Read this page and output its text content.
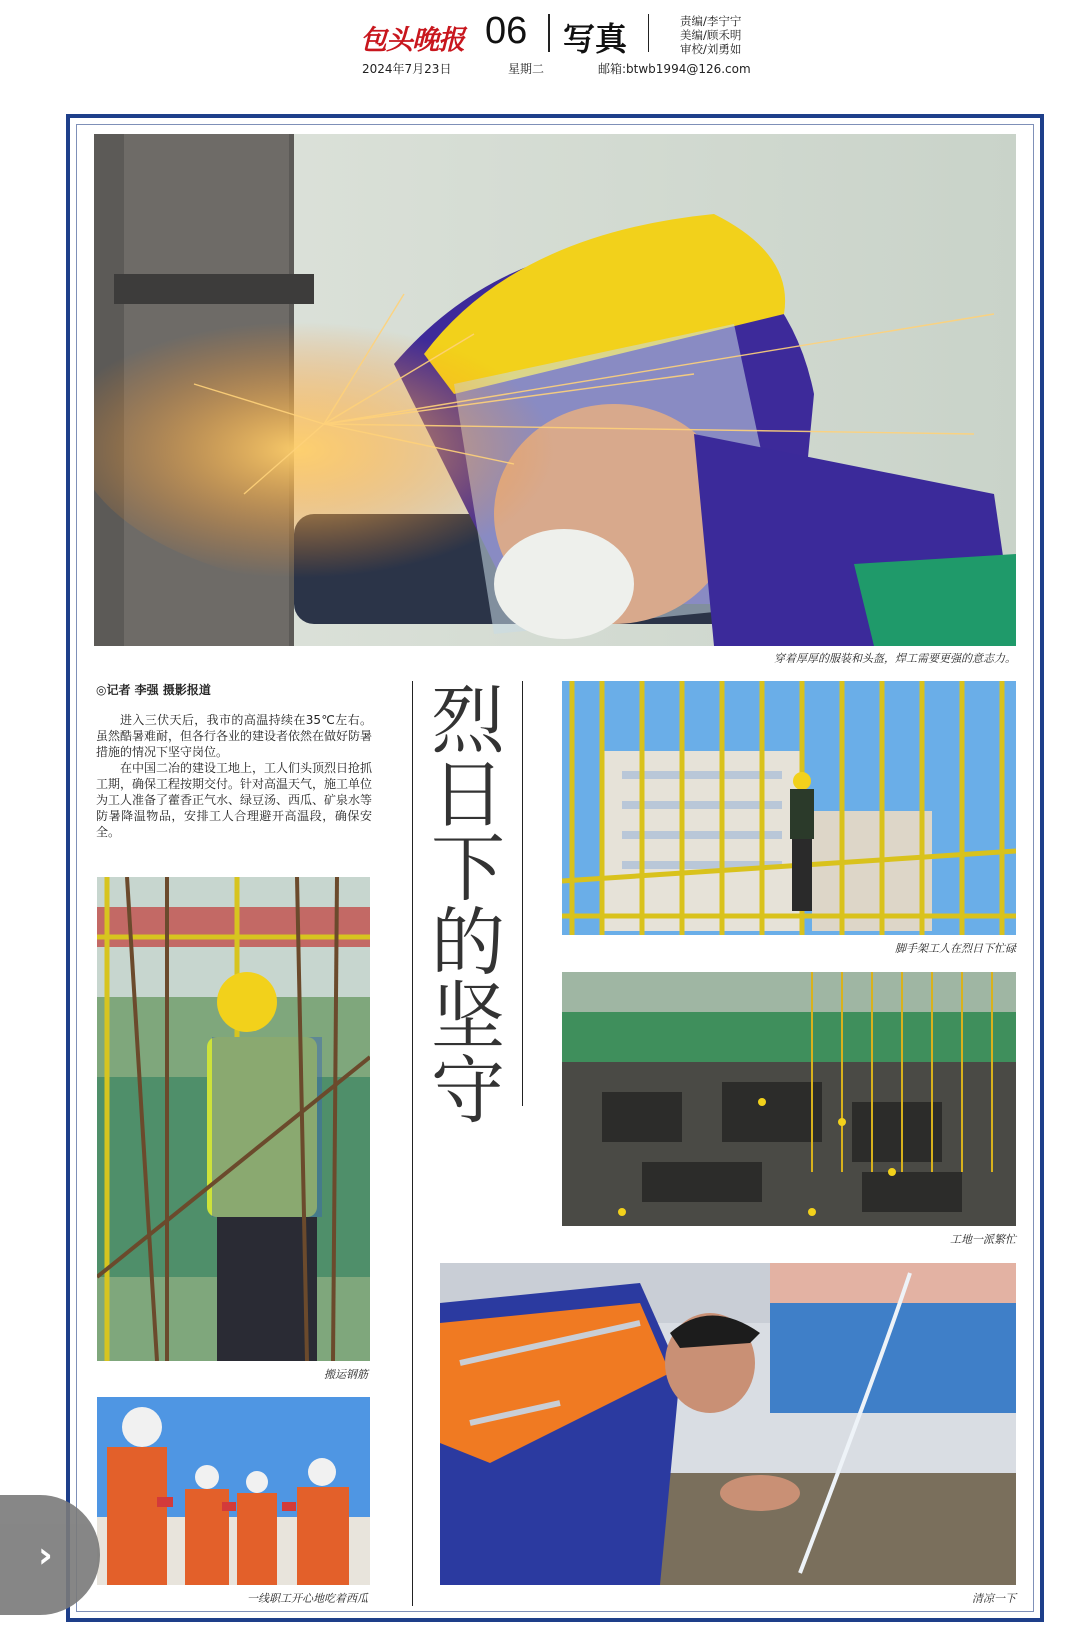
包头晚报 06 写真	责编/李宁宁
美编/顾禾明
审校/刘勇如
2024年7月23日	星期二	邮箱:btwb1994@126.com
穿着厚厚的服装和头盔，焊工需要更强的意志力。
◎记者 李强 摄影报道

进入三伏天后，我市的高温持续在35℃左右。虽然酷暑难耐，但各行各业的建设者依然在做好防暑措施的情况下坚守岗位。

在中国二冶的建设工地上，工人们头顶烈日抢抓工期，确保工程按期交付。针对高温天气，施工单位为工人准备了藿香正气水、绿豆汤、西瓜、矿泉水等防暑降温物品，安排工人合理避开高温段，确保安全。

搬运钢筋
一线职工开心地吃着西瓜
烈
日
下
的
坚
守
脚手架工人在烈日下忙碌
工地一派繁忙
清凉一下
›
